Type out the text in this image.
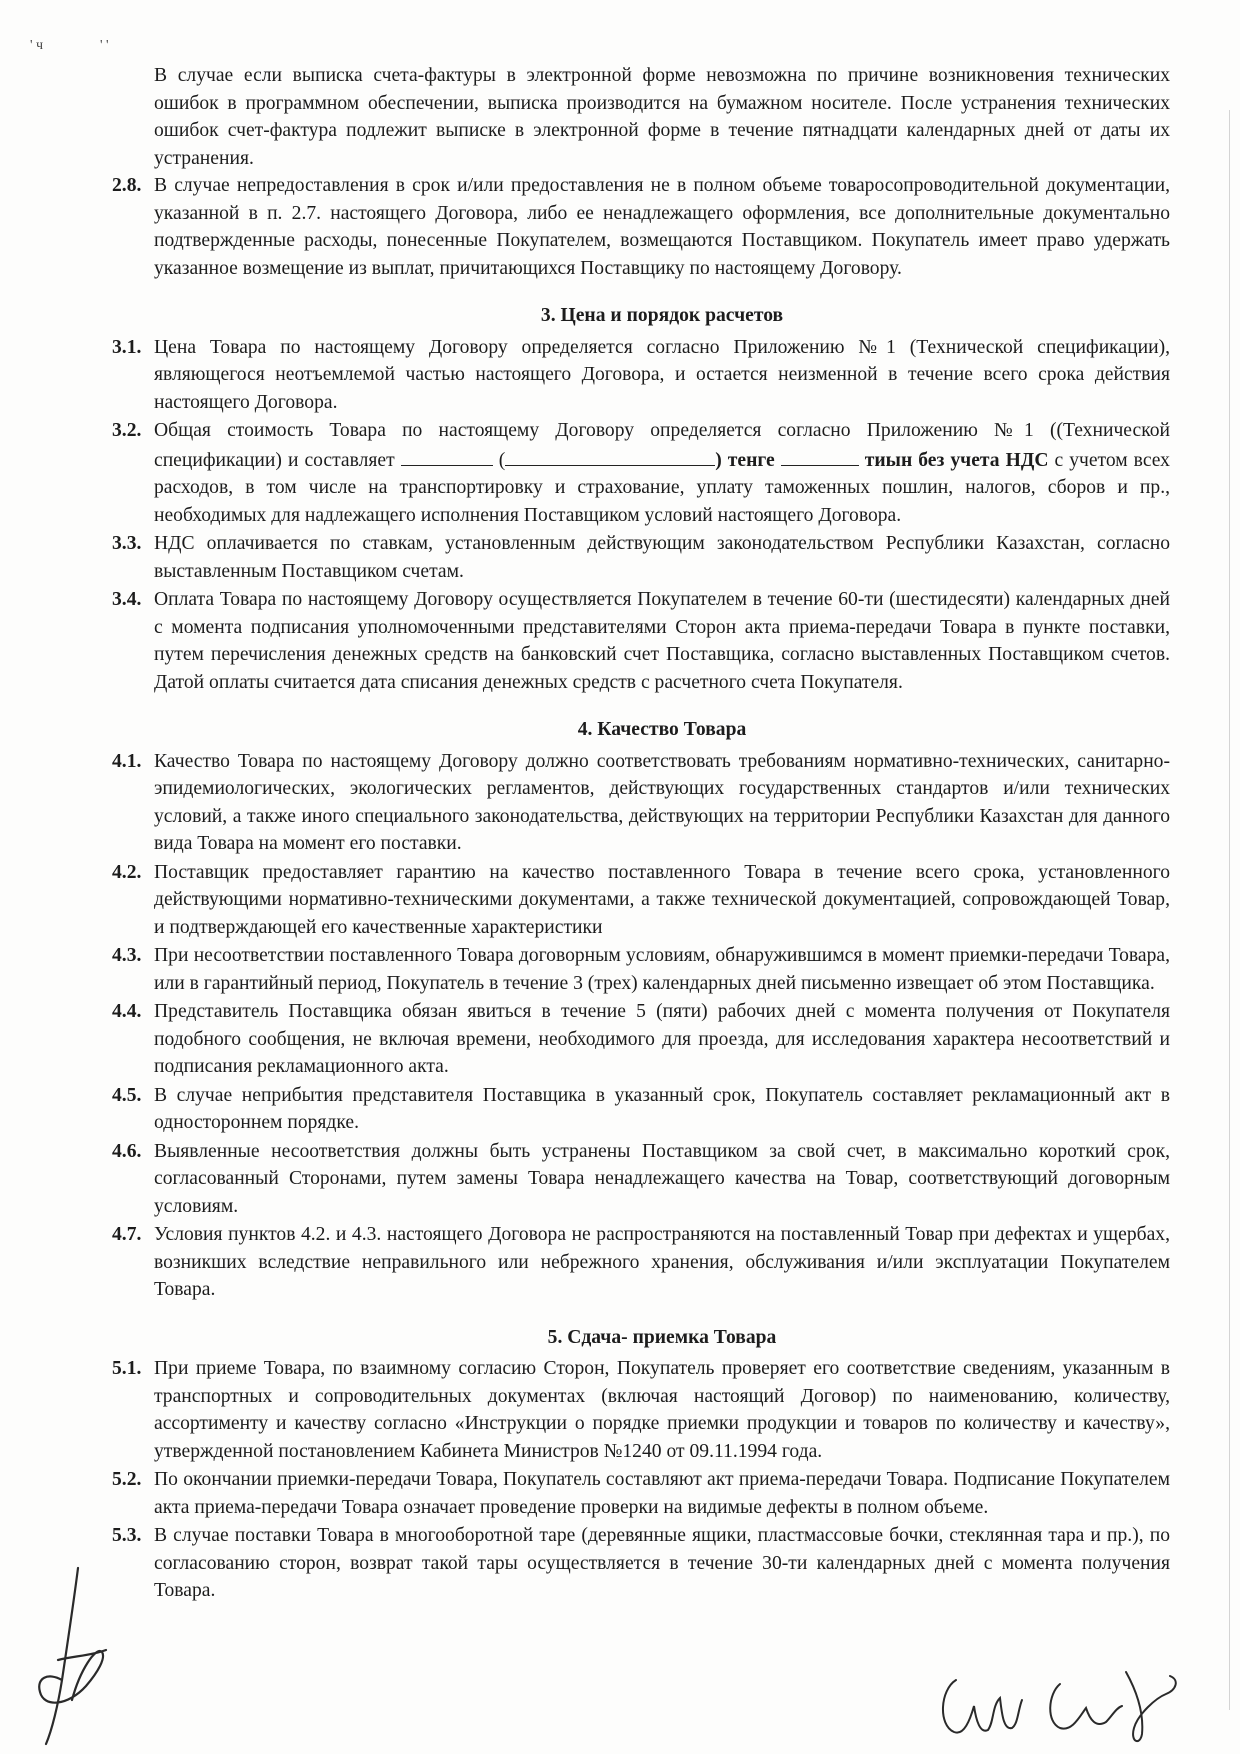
' ч	' '

В случае если выписка счета-фактуры в электронной форме невозможна по причине возникновения технических ошибок в программном обеспечении, выписка производится на бумажном носителе. После устранения технических ошибок счет-фактура подлежит выписке в электронной форме в течение пятнадцати календарных дней от даты их устранения.

2.8. В случае непредоставления в срок и/или предоставления не в полном объеме товаросопроводительной документации, указанной в п. 2.7. настоящего Договора, либо ее ненадлежащего оформления, все дополнительные документально подтвержденные расходы, понесенные Покупателем, возмещаются Поставщиком. Покупатель имеет право удержать указанное возмещение из выплат, причитающихся Поставщику по настоящему Договору.
3. Цена и порядок расчетов
3.1. Цена Товара по настоящему Договору определяется согласно Приложению №1 (Технической спецификации), являющегося неотъемлемой частью настоящего Договора, и остается неизменной в течение всего срока действия настоящего Договора.
3.2. Общая стоимость Товара по настоящему Договору определяется согласно Приложению №1 ((Технической спецификации) и составляет	(	) тенге	тиын без учета НДС с учетом всех расходов, в том числе на транспортировку и страхование, уплату таможенных пошлин, налогов, сборов и пр., необходимых для надлежащего исполнения Поставщиком условий настоящего Договора.
3.3. НДС оплачивается по ставкам, установленным действующим законодательством Республики Казахстан, согласно выставленным Поставщиком счетам.
3.4. Оплата Товара по настоящему Договору осуществляется Покупателем в течение 60-ти (шестидесяти) календарных дней с момента подписания уполномоченными представителями Сторон акта приема-передачи Товара в пункте поставки, путем перечисления денежных средств на банковский счет Поставщика, согласно выставленных Поставщиком счетов. Датой оплаты считается дата списания денежных средств с расчетного счета Покупателя.
4. Качество Товара
4.1. Качество Товара по настоящему Договору должно соответствовать требованиям нормативно-технических, санитарно-эпидемиологических, экологических регламентов, действующих государственных стандартов и/или технических условий, а также иного специального законодательства, действующих на территории Республики Казахстан для данного вида Товара на момент его поставки.
4.2. Поставщик предоставляет гарантию на качество поставленного Товара в течение всего срока, установленного действующими нормативно-техническими документами, а также технической документацией, сопровождающей Товар, и подтверждающей его качественные характеристики
4.3. При несоответствии поставленного Товара договорным условиям, обнаружившимся в момент приемки-передачи Товара, или в гарантийный период, Покупатель в течение 3 (трех) календарных дней письменно извещает об этом Поставщика.
4.4. Представитель Поставщика обязан явиться в течение 5 (пяти) рабочих дней с момента получения от Покупателя подобного сообщения, не включая времени, необходимого для проезда, для исследования характера несоответствий и подписания рекламационного акта.
4.5. В случае неприбытия представителя Поставщика в указанный срок, Покупатель составляет рекламационный акт в одностороннем порядке.
4.6. Выявленные несоответствия должны быть устранены Поставщиком за свой счет, в максимально короткий срок, согласованный Сторонами, путем замены Товара ненадлежащего качества на Товар, соответствующий договорным условиям.
4.7. Условия пунктов 4.2. и 4.3. настоящего Договора не распространяются на поставленный Товар при дефектах и ущербах, возникших вследствие неправильного или небрежного хранения, обслуживания и/или эксплуатации Покупателем Товара.
5. Сдача- приемка Товара
5.1. При приеме Товара, по взаимному согласию Сторон, Покупатель проверяет его соответствие сведениям, указанным в транспортных и сопроводительных документах (включая настоящий Договор) по наименованию, количеству, ассортименту и качеству согласно «Инструкции о порядке приемки продукции и товаров по количеству и качеству», утвержденной постановлением Кабинета Министров №1240 от 09.11.1994 года.
5.2. По окончании приемки-передачи Товара, Покупатель составляют акт приема-передачи Товара. Подписание Покупателем акта приема-передачи Товара означает проведение проверки на видимые дефекты в полном объеме.
5.3. В случае поставки Товара в многооборотной таре (деревянные ящики, пластмассовые бочки, стеклянная тара и пр.), по согласованию сторон, возврат такой тары осуществляется в течение 30-ти календарных дней с момента получения Товара.
